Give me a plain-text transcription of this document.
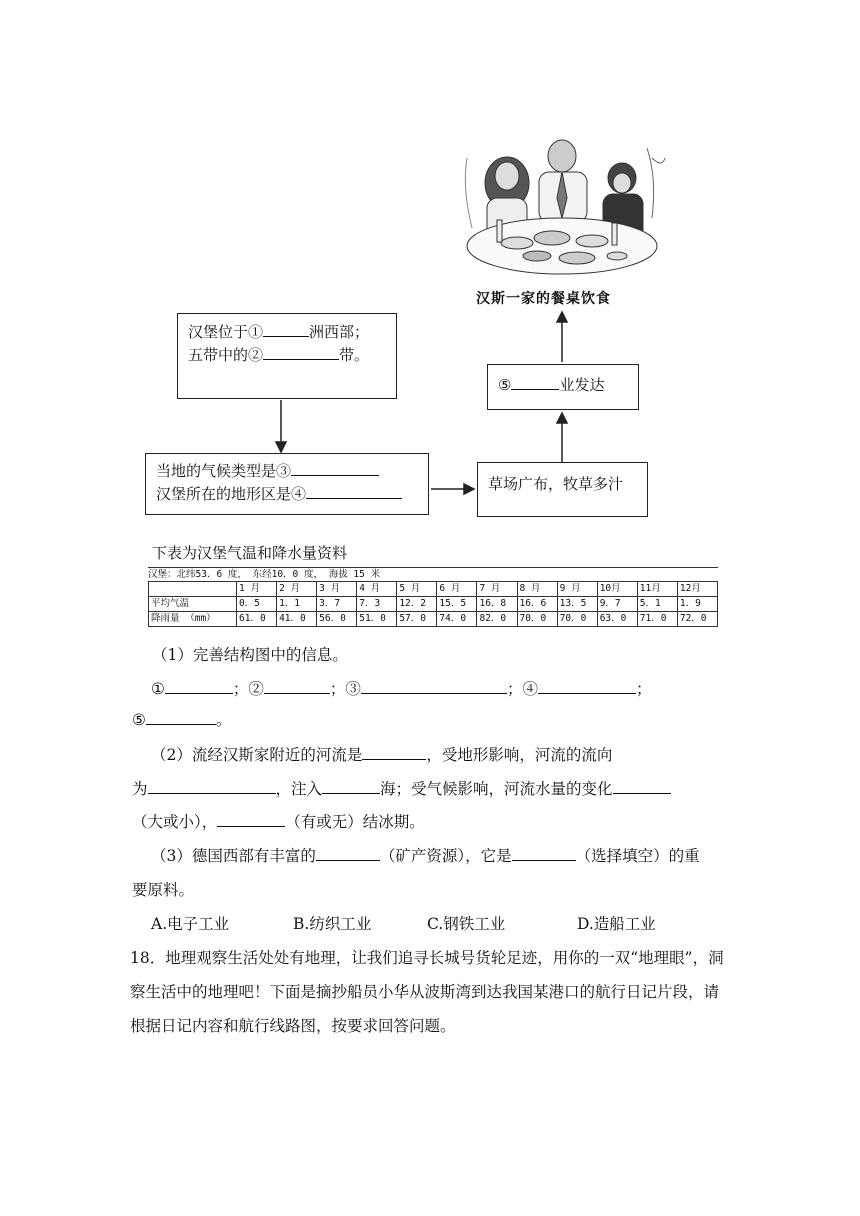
汉斯一家的餐桌饮食
汉堡位于①	洲西部；
五带中的②	带。
当地的气候类型是③
汉堡所在的地形区是④
草场广布，牧草多汁
⑤	业发达
下表为汉堡气温和降水量资料
汉堡：北纬53．6 度， 东经10．0 度， 海拔 15 米
	1 月	2 月	3 月	4 月	5 月	6 月	7 月	8 月	9 月	10月	11月	12月
平均气温	0．5	1．1	3．7	7．3	12．2	15．5	16．8	16．6	13．5	9．7	5．1	1．9
降雨量 （mm）	61．0	41．0	56．0	51．0	57．0	74．0	82．0	70．0	70．0	63．0	71．0	72．0
（1）完善结构图中的信息。
①	；②	；③	；④	；
⑤	。
（2）流经汉斯家附近的河流是	，受地形影响，河流的流向
为	，注入	海；受气候影响，河流水量的变化
（大或小），	（有或无）结冰期。
（3）德国西部有丰富的	（矿产资源），它是	（选择填空）的重
要原料。
A.电子工业	B.纺织工业	C.钢铁工业	D.造船工业
18．地理观察生活处处有地理，让我们追寻长城号货轮足迹，用你的一双“地理眼”，洞
察生活中的地理吧！下面是摘抄船员小华从波斯湾到达我国某港口的航行日记片段，请
根据日记内容和航行线路图，按要求回答问题。
